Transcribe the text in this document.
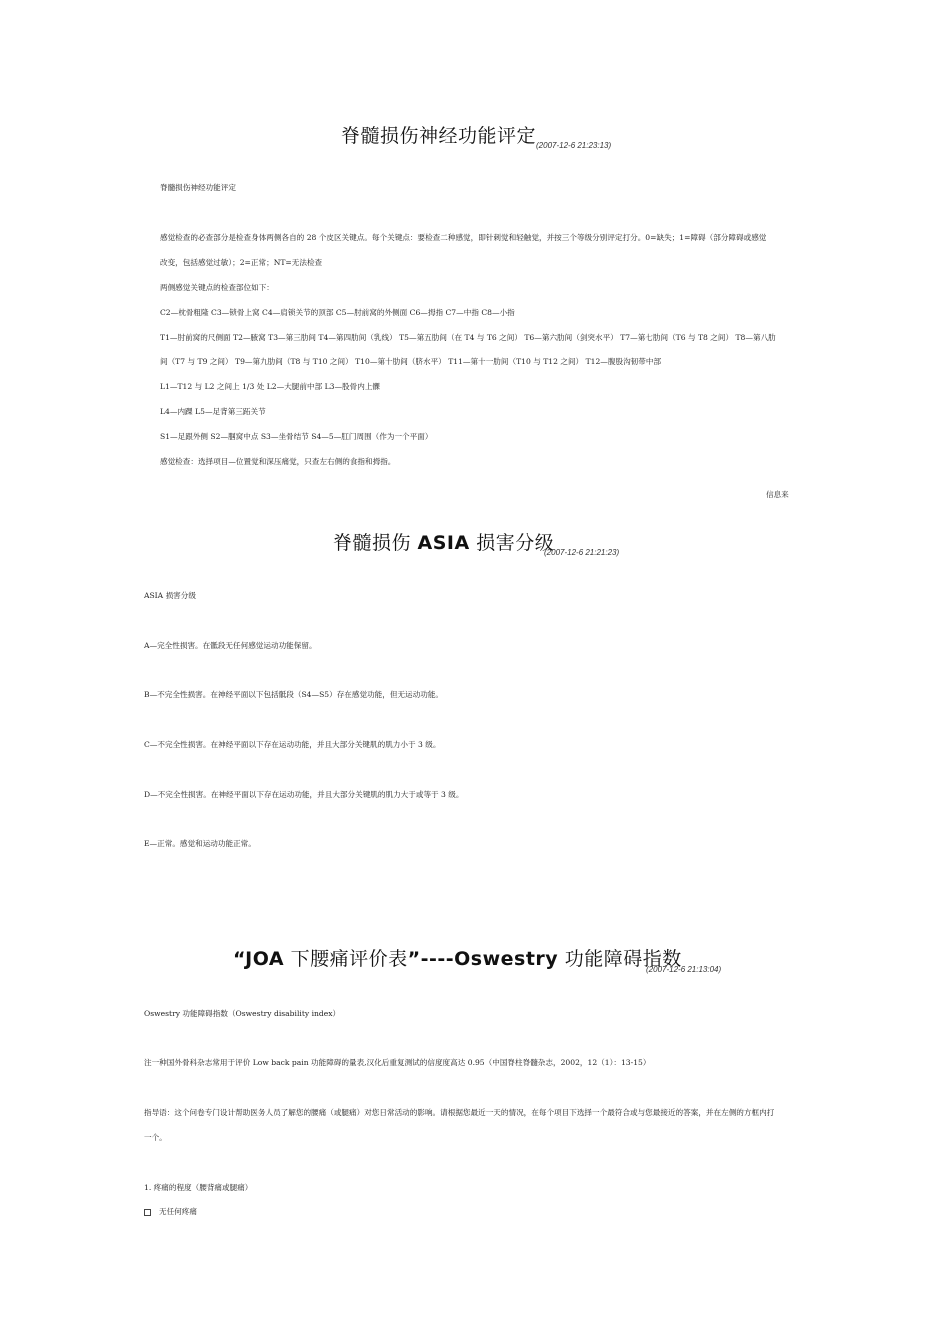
脊髓损伤神经功能评定 (2007-12-6 21:23:13)
脊髓损伤神经功能评定
感觉检查的必查部分是检查身体两侧各自的 28 个皮区关键点。每个关键点：要检查二种感觉，即针刺觉和轻触觉，并按三个等级分别评定打分。0=缺失；1=障碍（部分障碍或感觉
改变，包括感觉过敏）；2=正常；NT=无法检查
两侧感觉关键点的检查部位如下：
C2—枕骨粗隆 C3—锁骨上窝 C4—肩锁关节的顶部 C5—肘前窝的外侧面 C6—拇指 C7—中指 C8—小指
T1—肘前窝的尺侧面 T2—腋窝 T3—第三肋间 T4—第四肋间（乳线） T5—第五肋间（在 T4 与 T6 之间） T6—第六肋间（剑突水平） T7—第七肋间（T6 与 T8 之间） T8—第八肋
间（T7 与 T9 之间） T9—第九肋间（T8 与 T10 之间） T10—第十肋间（脐水平） T11—第十一肋间（T10 与 T12 之间） T12—腹股沟韧带中部
L1—T12 与 L2 之间上 1/3 处 L2—大腿前中部 L3—股骨内上髁
L4—内踝 L5—足背第三跖关节
S1—足跟外侧 S2—腘窝中点 S3—坐骨结节 S4—5—肛门周围（作为一个平面）
感觉检查：选择项目—位置觉和深压痛觉，只查左右侧的食指和拇指。
信息来
脊髓损伤 ASIA 损害分级
(2007-12-6 21:21:23)
ASIA 损害分级
A—完全性损害。在骶段无任何感觉运动功能保留。
B—不完全性损害。在神经平面以下包括骶段（S4—S5）存在感觉功能，但无运动功能。
C—不完全性损害。在神经平面以下存在运动功能，并且大部分关键肌的肌力小于 3 级。
D—不完全性损害。在神经平面以下存在运动功能，并且大部分关键肌的肌力大于或等于 3 级。
E—正常。感觉和运动功能正常。
“JOA 下腰痛评价表”----Oswestry 功能障碍指数
(2007-12-6 21:13:04)
Oswestry 功能障碍指数（Oswestry disability index）
注一种国外骨科杂志常用于评价 Low back pain 功能障碍的量表,汉化后重复测试的信度度高达 0.95（中国脊柱脊髓杂志，2002，12（1）：13-15）
指导语：这个问卷专门设计帮助医务人员了解您的腰痛（或腿痛）对您日常活动的影响。请根据您最近一天的情况，在每个项目下选择一个最符合或与您最接近的答案，并在左侧的方框内打
一个。
1. 疼痛的程度（腰背痛或腿痛）
无任何疼痛
